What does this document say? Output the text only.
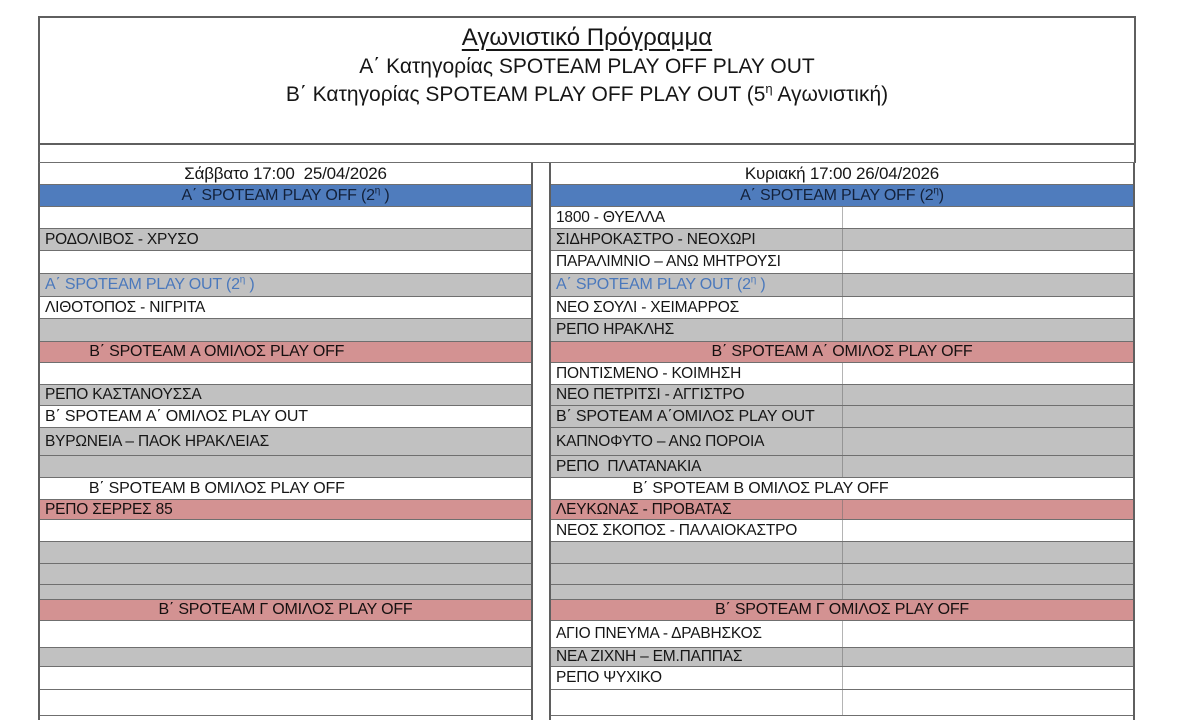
Αγωνιστικό Πρόγραμμα
Α΄ Κατηγορίας SPOTEAM PLAY OFF PLAY OUT
Β΄ Κατηγορίας SPOTEAM PLAY OFF PLAY OUT ($5^\eta$ Αγωνιστική)
Σάββατο 17:00  25/04/2026
Α΄ SPOTEAM PLAY OFF ($2^\eta$ )
ΡΟΔΟΛΙΒΟΣ - ΧΡΥΣΟ
Α΄ SPOTEAM PLAY OUT ($2^\eta$ )
ΛΙΘΟΤΟΠΟΣ - ΝΙΓΡΙΤΑ
Β΄ SPOTEAM Α ΟΜΙΛΟΣ PLAY OFF
ΡΕΠΟ ΚΑΣΤΑΝΟΥΣΣΑ
Β΄ SPOTEAM Α΄ ΟΜΙΛΟΣ PLAY OUT
ΒΥΡΩΝΕΙΑ – ΠΑΟΚ ΗΡΑΚΛΕΙΑΣ
Β΄ SPOTEAM Β ΟΜΙΛΟΣ PLAY OFF
ΡΕΠΟ ΣΕΡΡΕΣ 85
Β΄ SPOTEAM Γ ΟΜΙΛΟΣ PLAY OFF
Κυριακή 17:00 26/04/2026
Α΄ SPOTEAM PLAY OFF $(2^\eta)$
1800 - ΘΥΕΛΛΑ
ΣΙΔΗΡΟΚΑΣΤΡΟ - ΝΕΟΧΩΡΙ
ΠΑΡΑΛΙΜΝΙΟ – ΑΝΩ ΜΗΤΡΟΥΣΙ
Α΄ SPOTEAM PLAY OUT ($2^\eta$ )
ΝΕΟ ΣΟΥΛΙ - ΧΕΙΜΑΡΡΟΣ
ΡΕΠΟ ΗΡΑΚΛΗΣ
Β΄ SPOTEAM Α΄ ΟΜΙΛΟΣ PLAY OFF
ΠΟΝΤΙΣΜΕΝΟ - ΚΟΙΜΗΣΗ
ΝΕΟ ΠΕΤΡΙΤΣΙ - ΑΓΓΙΣΤΡΟ
Β΄ SPOTEAM Α΄ΟΜΙΛΟΣ PLAY OUT
ΚΑΠΝΟΦΥΤΟ – ΑΝΩ ΠΟΡΟΙΑ
ΡΕΠΟ  ΠΛΑΤΑΝΑΚΙΑ
Β΄ SPOTEAM Β ΟΜΙΛΟΣ PLAY OFF
ΛΕΥΚΩΝΑΣ - ΠΡΟΒΑΤΑΣ
ΝΕΟΣ ΣΚΟΠΟΣ - ΠΑΛΑΙΟΚΑΣΤΡΟ
Β΄ SPOTEAM Γ ΟΜΙΛΟΣ PLAY OFF
ΑΓΙΟ ΠΝΕΥΜΑ - ΔΡΑΒΗΣΚΟΣ
ΝΕΑ ΖΙΧΝΗ – ΕΜ.ΠΑΠΠΑΣ
ΡΕΠΟ ΨΥΧΙΚΟ
